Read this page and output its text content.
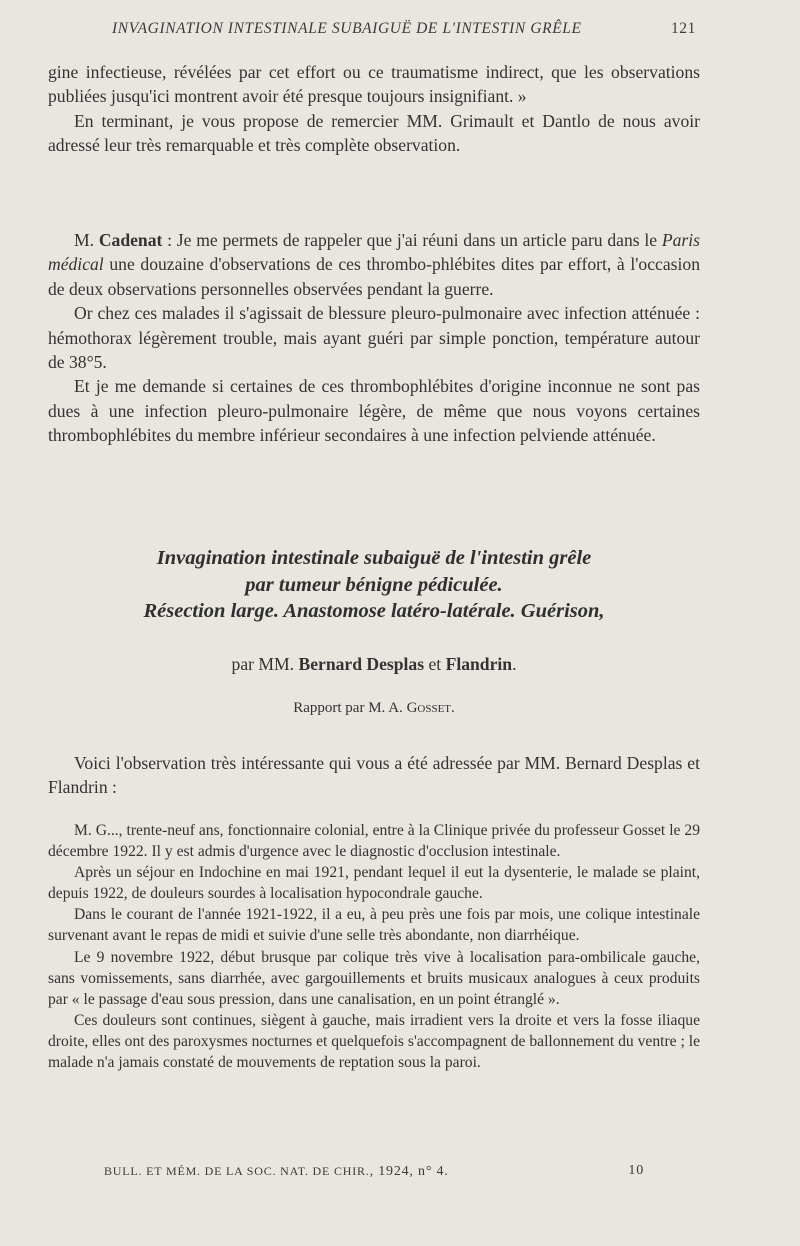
INVAGINATION INTESTINALE SUBAIGUË DE L'INTESTIN GRÊLE	121

gine infectieuse, révélées par cet effort ou ce traumatisme indirect, que les observations publiées jusqu'ici montrent avoir été presque toujours insignifiant. »

En terminant, je vous propose de remercier MM. Grimault et Dantlo de nous avoir adressé leur très remarquable et très complète observation.

M. Cadenat : Je me permets de rappeler que j'ai réuni dans un article paru dans le Paris médical une douzaine d'observations de ces thrombo-phlébites dites par effort, à l'occasion de deux observations personnelles observées pendant la guerre.

Or chez ces malades il s'agissait de blessure pleuro-pulmonaire avec infection atténuée : hémothorax légèrement trouble, mais ayant guéri par simple ponction, température autour de 38°5.

Et je me demande si certaines de ces thrombophlébites d'origine inconnue ne sont pas dues à une infection pleuro-pulmonaire légère, de même que nous voyons certaines thrombophlébites du membre inférieur secondaires à une infection pelviende atténuée.

Invagination intestinale subaiguë de l'intestin grêle
par tumeur bénigne pédiculée.
Résection large. Anastomose latéro-latérale. Guérison,
par MM. Bernard Desplas et Flandrin.
Rapport par M. A. Gosset.

Voici l'observation très intéressante qui vous a été adressée par MM. Bernard Desplas et Flandrin :

M. G..., trente-neuf ans, fonctionnaire colonial, entre à la Clinique privée du professeur Gosset le 29 décembre 1922. Il y est admis d'urgence avec le diagnostic d'occlusion intestinale.

Après un séjour en Indochine en mai 1921, pendant lequel il eut la dysenterie, le malade se plaint, depuis 1922, de douleurs sourdes à localisation hypocondrale gauche.

Dans le courant de l'année 1921-1922, il a eu, à peu près une fois par mois, une colique intestinale survenant avant le repas de midi et suivie d'une selle très abondante, non diarrhéique.

Le 9 novembre 1922, début brusque par colique très vive à localisation para-ombilicale gauche, sans vomissements, sans diarrhée, avec gargouillements et bruits musicaux analogues à ceux produits par « le passage d'eau sous pression, dans une canalisation, en un point étranglé ».

Ces douleurs sont continues, siègent à gauche, mais irradient vers la droite et vers la fosse iliaque droite, elles ont des paroxysmes nocturnes et quelquefois s'accompagnent de ballonnement du ventre ; le malade n'a jamais constaté de mouvements de reptation sous la paroi.

BULL. ET MÉM. DE LA SOC. NAT. DE CHIR., 1924, n° 4.	10
